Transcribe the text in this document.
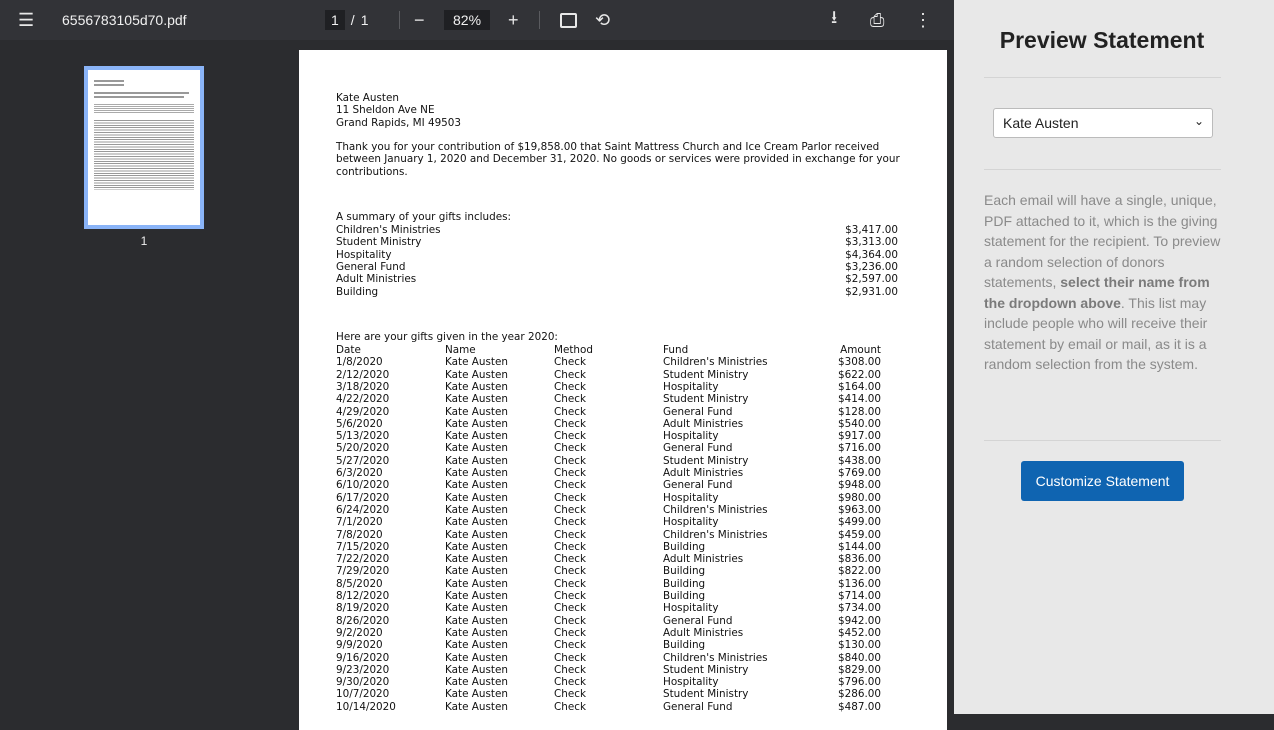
☰ 6556783105d70.pdf	1 / 1	−	82%	+	⟲	⭳ ⎙ ⋮
1
Kate Austen
11 Sheldon Ave NE
Grand Rapids, MI 49503
Thank you for your contribution of $19,858.00 that Saint Mattress Church and Ice Cream Parlor received
between January 1, 2020 and December 31, 2020. No goods or services were provided in exchange for your
contributions.
A summary of your gifts includes:
Children's Ministries	$3,417.00
Student Ministry	$3,313.00
Hospitality	$4,364.00
General Fund	$3,236.00
Adult Ministries	$2,597.00
Building	$2,931.00
Here are your gifts given in the year 2020:
Date	Name	Method	Fund	Amount
1/8/2020	Kate Austen	Check	Children's Ministries	$308.00
2/12/2020	Kate Austen	Check	Student Ministry	$622.00
3/18/2020	Kate Austen	Check	Hospitality	$164.00
4/22/2020	Kate Austen	Check	Student Ministry	$414.00
4/29/2020	Kate Austen	Check	General Fund	$128.00
5/6/2020	Kate Austen	Check	Adult Ministries	$540.00
5/13/2020	Kate Austen	Check	Hospitality	$917.00
5/20/2020	Kate Austen	Check	General Fund	$716.00
5/27/2020	Kate Austen	Check	Student Ministry	$438.00
6/3/2020	Kate Austen	Check	Adult Ministries	$769.00
6/10/2020	Kate Austen	Check	General Fund	$948.00
6/17/2020	Kate Austen	Check	Hospitality	$980.00
6/24/2020	Kate Austen	Check	Children's Ministries	$963.00
7/1/2020	Kate Austen	Check	Hospitality	$499.00
7/8/2020	Kate Austen	Check	Children's Ministries	$459.00
7/15/2020	Kate Austen	Check	Building	$144.00
7/22/2020	Kate Austen	Check	Adult Ministries	$836.00
7/29/2020	Kate Austen	Check	Building	$822.00
8/5/2020	Kate Austen	Check	Building	$136.00
8/12/2020	Kate Austen	Check	Building	$714.00
8/19/2020	Kate Austen	Check	Hospitality	$734.00
8/26/2020	Kate Austen	Check	General Fund	$942.00
9/2/2020	Kate Austen	Check	Adult Ministries	$452.00
9/9/2020	Kate Austen	Check	Building	$130.00
9/16/2020	Kate Austen	Check	Children's Ministries	$840.00
9/23/2020	Kate Austen	Check	Student Ministry	$829.00
9/30/2020	Kate Austen	Check	Hospitality	$796.00
10/7/2020	Kate Austen	Check	Student Ministry	$286.00
10/14/2020	Kate Austen	Check	General Fund	$487.00
Preview Statement
Kate Austen	⌄
Each email will have a single, unique, PDF attached to it, which is the giving statement for the recipient. To preview a random selection of donors statements, select their name from the dropdown above. This list may include people who will receive their statement by email or mail, as it is a random selection from the system.
Customize Statement
